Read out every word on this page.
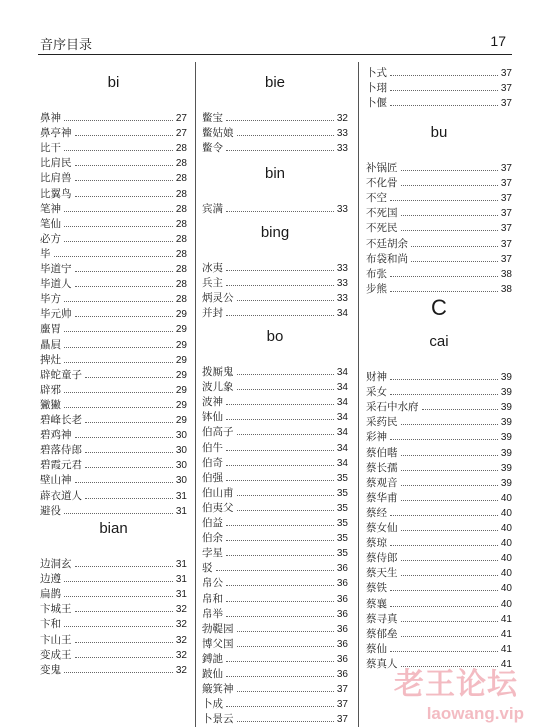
音序目录	17
bi
鼻神	27
鼻亭神	27
比干	28
比肩民	28
比肩兽	28
比翼鸟	28
笔神	28
笔仙	28
必方	28
毕	28
毕道宁	28
毕道人	28
毕方	28
毕元帅	29
螷胃	29
贔屓	29
捭灶	29
辟蛇童子	29
辟邪	29
獙獙	29
碧峰长老	29
碧鸡神	30
碧落侍郎	30
碧霞元君	30
壁山神	30
薜衣道人	31
避役	31
bian
边洞玄	31
边遵	31
扁鹊	31
卞城王	32
卞和	32
卞山王	32
变成王	32
变鬼	32
bie
鳖宝	32
鳖姑娘	33
鳖令	33
bin
宾满	33
bing
冰夷	33
兵主	33
炳灵公	33
并封	34
bo
拨厮鬼	34
波儿象	34
波神	34
钵仙	34
伯高子	34
伯牛	34
伯奇	34
伯强	35
伯山甫	35
伯夷父	35
伯益	35
伯余	35
孛星	35
驳	36
帛公	36
帛和	36
帛举	36
勃鞮园	36
博父国	36
鎛訑	36
跛仙	36
簸箕神	37
卜成	37
卜景云	37
卜式	37
卜珝	37
卜偃	37
bu
补锅匠	37
不化骨	37
不空	37
不死国	37
不死民	37
不廷胡余	37
布袋和尚	37
布张	38
步熊	38
C
cai
财神	39
采女	39
采石中水府	39
采药民	39
彩神	39
蔡伯喈	39
蔡长孺	39
蔡观音	39
蔡华甫	40
蔡经	40
蔡女仙	40
蔡琼	40
蔡侍郎	40
蔡天生	40
蔡铁	40
蔡襄	40
蔡寻真	41
蔡郁垒	41
蔡仙	41
蔡真人	41
老王论坛
laowang.vip
